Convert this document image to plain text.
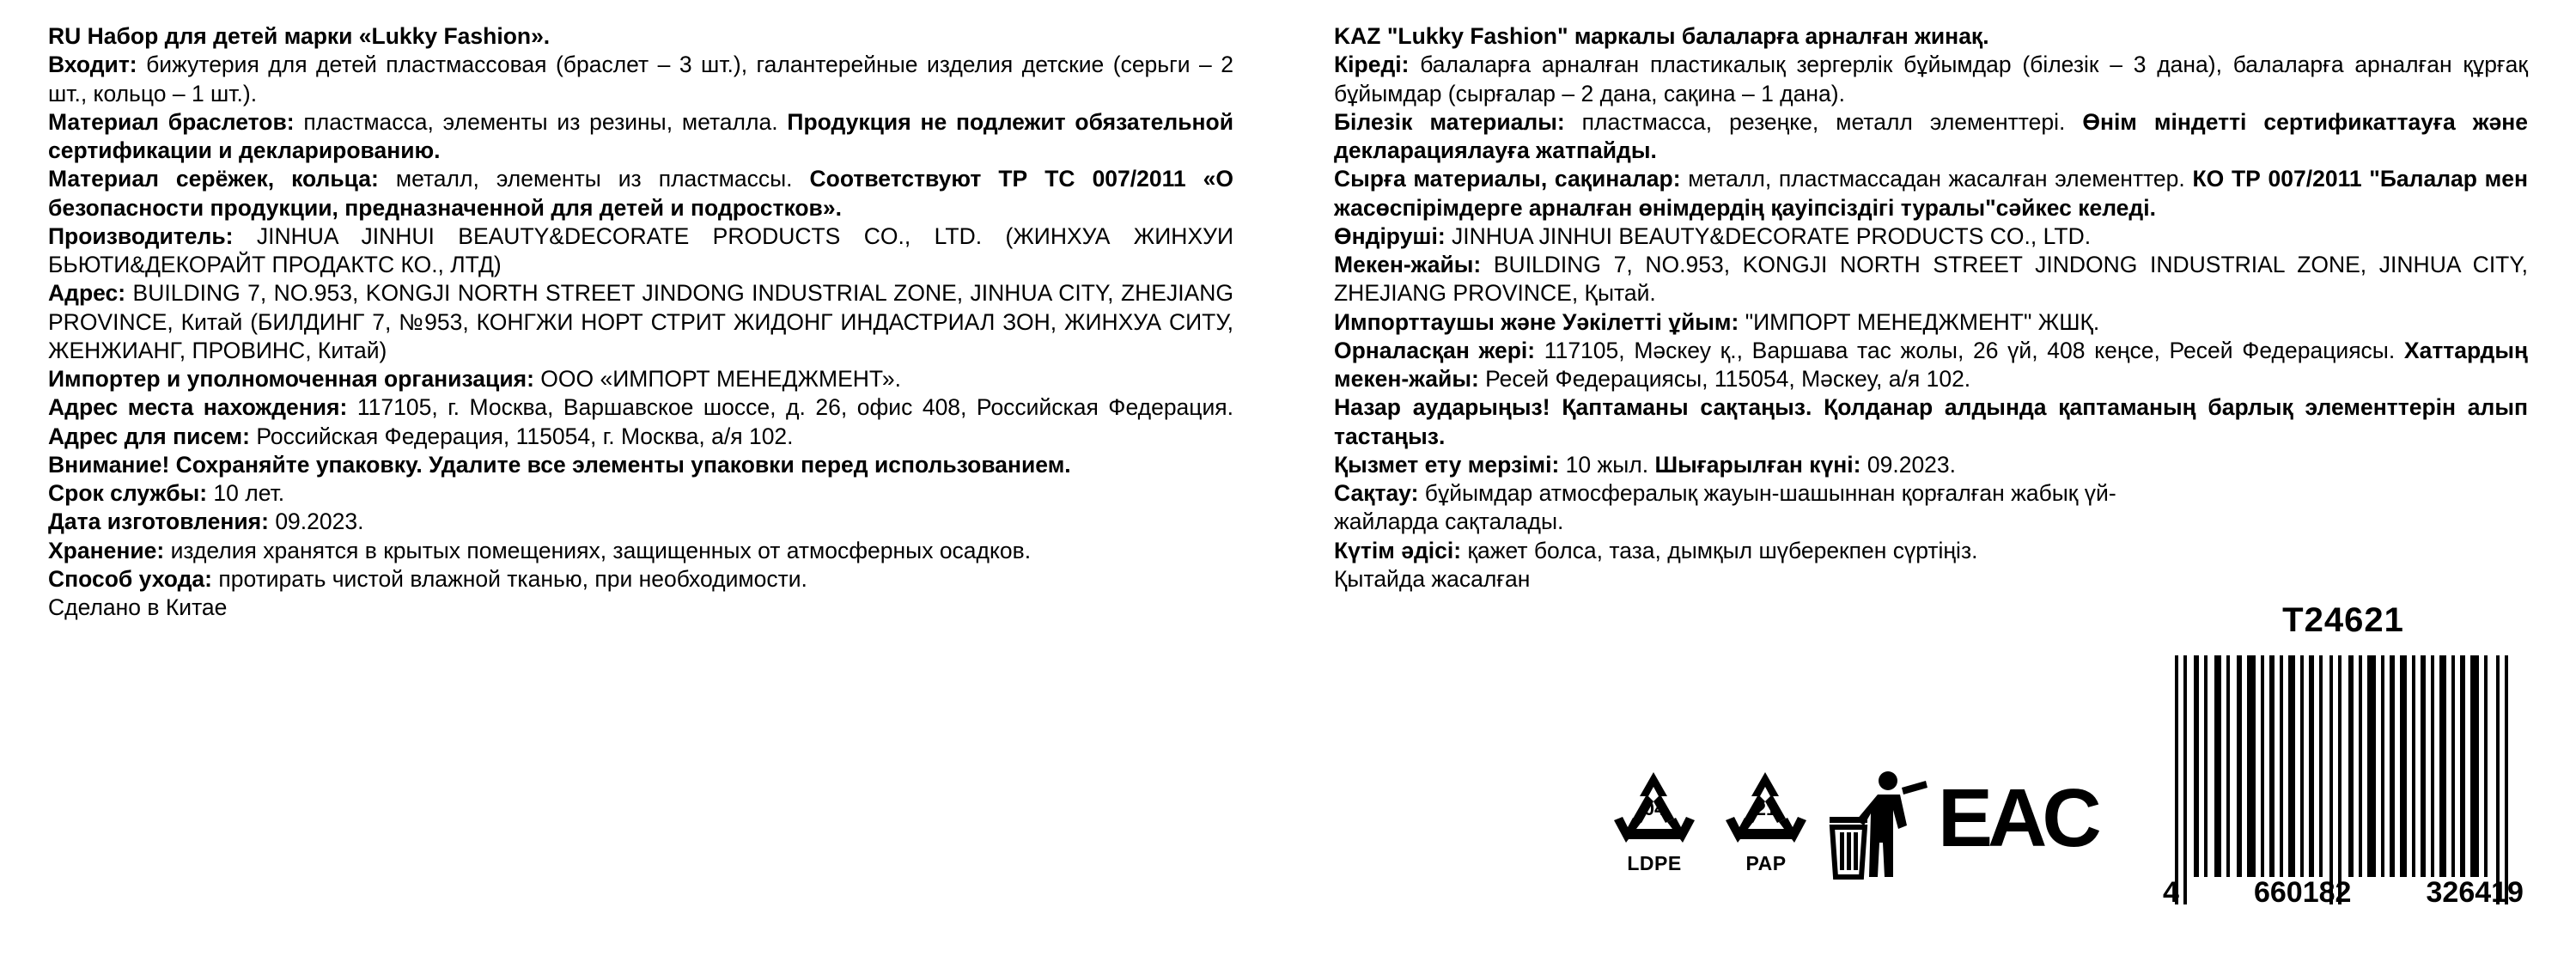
RU Набор для детей марки «Lukky Fashion».

Входит: бижутерия для детей пластмассовая (браслет – 3 шт.), галантерейные изделия детские (серьги – 2 шт., кольцо – 1 шт.).

Материал браслетов: пластмасса, элементы из резины, металла. Продукция не подлежит обязательной сертификации и декларированию.

Материал серёжек, кольца: металл, элементы из пластмассы. Соответствуют ТР ТС 007/2011 «О безопасности продукции, предназначенной для детей и подростков».

Производитель: JINHUA JINHUI BEAUTY&DECORATE PRODUCTS CO., LTD. (ЖИНХУА ЖИНХУИ БЬЮТИ&ДЕКОРАЙТ ПРОДАКТС КО., ЛТД)

Адрес: BUILDING 7, NO.953, KONGJI NORTH STREET JINDONG INDUSTRIAL ZONE, JINHUA CITY, ZHEJIANG PROVINCE, Китай (БИЛДИНГ 7, №953, КОНГЖИ НОРТ СТРИТ ЖИДОНГ ИНДАСТРИАЛ ЗОН, ЖИНХУА СИТУ, ЖЕНЖИАНГ, ПРОВИНС, Китай)

Импортер и уполномоченная организация: ООО «ИМПОРТ МЕНЕДЖМЕНТ».

Адрес места нахождения: 117105, г. Москва, Варшавское шоссе, д. 26, офис 408, Российская Федерация. Адрес для писем: Российская Федерация, 115054, г. Москва, а/я 102.

Внимание! Сохраняйте упаковку. Удалите все элементы упаковки перед использованием.

Срок службы: 10 лет.

Дата изготовления: 09.2023.

Хранение: изделия хранятся в крытых помещениях, защищенных от атмосферных осадков.

Способ ухода: протирать чистой влажной тканью, при необходимости.

Сделано в Китае

KAZ "Lukky Fashion" маркалы балаларға арналған жинақ.

Кіреді: балаларға арналған пластикалық зергерлік бұйымдар (білезік – 3 дана), балаларға арналған құрғақ бұйымдар (сырғалар – 2 дана, сақина – 1 дана).

Білезік материалы: пластмасса, резеңке, металл элементтері. Өнім міндетті сертификаттауға және декларациялауға жатпайды.

Сырға материалы, сақиналар: металл, пластмассадан жасалған элементтер. КО ТР 007/2011 "Балалар мен жасөспірімдерге арналған өнімдердің қауіпсіздігі туралы"сәйкес келеді.

Өндіруші: JINHUA JINHUI BEAUTY&DECORATE PRODUCTS CO., LTD.

Мекен-жайы: BUILDING 7, NO.953, KONGJI NORTH STREET JINDONG INDUSTRIAL ZONE, JINHUA CITY, ZHEJIANG PROVINCE, Қытай.

Импорттаушы және Уәкілетті ұйым: "ИМПОРТ МЕНЕДЖМЕНТ" ЖШҚ.

Орналасқан жері: 117105, Мәскеу қ., Варшава тас жолы, 26 үй, 408 кеңсе, Ресей Федерациясы. Хаттардың мекен-жайы: Ресей Федерациясы, 115054, Мәскеу, а/я 102.

Назар аударыңыз! Қаптаманы сақтаңыз. Қолданар алдында қаптаманың барлық элементтерін алып тастаңыз.

Қызмет ету мерзімі: 10 жыл. Шығарылған күні: 09.2023.

Сақтау: бұйымдар атмосфералық жауын-шашыннан қорғалған жабық үй-жайларда сақталады.

Күтім әдісі: қажет болса, таза, дымқыл шүберекпен сүртіңіз.

Қытайда жасалған

04
LDPE
21
PAP	EAC
T24621
4	660182	326419
